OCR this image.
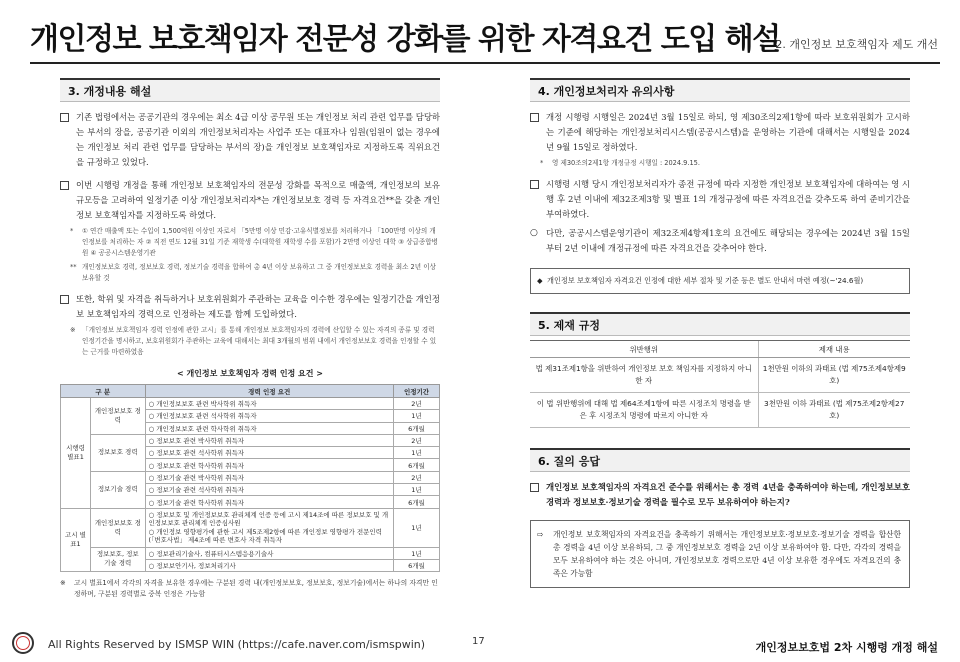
개인정보 보호책임자 전문성 강화를 위한 자격요건 도입 해설
2. 개인정보 보호책임자 제도 개선
3. 개정내용 해설
기존 법령에서는 공공기관의 경우에는 최소 4급 이상 공무원 또는 개인정보 처리 관련 업무를 담당하는 부서의 장을, 공공기관 이외의 개인정보처리자는 사업주 또는 대표자나 임원(임원이 없는 경우에는 개인정보 처리 관련 업무를 담당하는 부서의 장)을 개인정보 보호책임자로 지정하도록 직위요건을 규정하고 있었다.
이번 시행령 개정을 통해 개인정보 보호책임자의 전문성 강화를 목적으로 매출액, 개인정보의 보유 규모등을 고려하여 일정기준 이상 개인정보처리자*는 개인정보보호 경력 등 자격요건**을 갖춘 개인정보 보호책임자를 지정하도록 하였다.
* ① 연간 매출액 또는 수입이 1,500억원 이상인 자로서 「5만명 이상 민감·고유식별정보를 처리하거나 「100만명 이상의 개인정보를 처리하는 자 ② 직전 연도 12월 31일 기준 재학생 수(대학원 재학생 수를 포함)가 2만명 이상인 대학 ③ 상급종합병원 ④ 공공시스템운영기관
** 개인정보보호 경력, 정보보호 경력, 정보기술 경력을 합하여 총 4년 이상 보유하고 그 중 개인정보보호 경력을 최소 2년 이상 보유할 것
또한, 학위 및 자격을 취득하거나 보호위원회가 주관하는 교육을 이수한 경우에는 일정기간을 개인정보 보호책임자의 경력으로 인정하는 제도를 함께 도입하였다.
※ 「개인정보 보호책임자 경력 인정에 관한 고시」를 통해 개인정보 보호책임자의 경력에 산입할 수 있는 자격의 종류 및 경력 인정기간을 명시하고, 보호위원회가 주관하는 교육에 대해서는 최대 3개월의 범위 내에서 개인정보보호 경력을 인정할 수 있는 근거를 마련하였음
< 개인정보 보호책임자 경력 인정 요건 >
구 분		경력 인정 요건	인정기간
시행령 별표1	개인정보보호 경력	○ 개인정보보호 관련 박사학위 취득자	2년
		○ 개인정보보호 관련 석사학위 취득자	1년
		○ 개인정보보호 관련 학사학위 취득자	6개월
	정보보호 경력	○ 정보보호 관련 박사학위 취득자	2년
		○ 정보보호 관련 석사학위 취득자	1년
		○ 정보보호 관련 학사학위 취득자	6개월
	정보기술 경력	○ 정보기술 관련 박사학위 취득자	2년
		○ 정보기술 관련 석사학위 취득자	1년
		○ 정보기술 관련 학사학위 취득자	6개월
고시 별표1	개인정보보호 경력	○ 정보보호 및 개인정보보호 관리체계 인증 등에 고시 제14조에 따른 정보보호 및 개인정보보호 관리체계 인증심사원
○ 개인정보 영향평가에 관한 고시 제5조제2항에 따른 개인정보 영향평가 전문인력(「변호사법」 제4조에 따른 변호사 자격 취득자	1년
	정보보호, 정보기술 경력	○ 정보관리기술사, 컴퓨터시스템응용기술사	1년
		○ 정보보안기사, 정보처리기사	6개월
※ 고시 별표1에서 각각의 자격을 보유한 경우에는 구분된 경력 내(개인정보보호, 정보보호, 정보기술)에서는 하나의 자격만 인정하며, 구분된 경력별로 중복 인정은 가능함
4. 개인정보처리자 유의사항
개정 시행령 시행일은 2024년 3월 15일로 하되, 영 제30조의2제1항에 따라 보호위원회가 고시하는 기준에 해당하는 개인정보처리시스템(공공시스템)을 운영하는 기관에 대해서는 시행일을 2024년 9월 15일로 정하였다.
* 영 제30조의2제1항 개정규정 시행일 : 2024.9.15.
시행령 시행 당시 개인정보처리자가 종전 규정에 따라 지정한 개인정보 보호책임자에 대하여는 영 시행 후 2년 이내에 제32조제3항 및 별표 1의 개정규정에 따른 자격요건을 갖추도록 하여 준비기간을 부여하였다.
○ 다만, 공공시스템운영기관이 제32조제4항제1호의 요건에도 해당되는 경우에는 2024년 3월 15일부터 2년 이내에 개정규정에 따른 자격요건을 갖추어야 한다.
◆ 개인정보 보호책임자 자격요건 인정에 대한 세부 절차 및 기준 등은 별도 안내서 마련 예정(~'24.6월)
5. 제재 규정
위반행위	제재 내용
법 제31조제1항을 위반하여 개인정보 보호 책임자를 지정하지 아니한 자	1천만원 이하의 과태료 (법 제75조제4항제9호)
이 법 위반행위에 대해 법 제64조제1항에 따른 시정조치 명령을 받은 후 시정조치 명령에 따르지 아니한 자	3천만원 이하 과태료 (법 제75조제2항제27호)
6. 질의 응답
개인정보 보호책임자의 자격요건 준수를 위해서는 총 경력 4년을 충족하여야 하는데, 개인정보보호 경력과 정보보호·정보기술 경력을 필수로 모두 보유하여야 하는지?
⇨ 개인정보 보호책임자의 자격요건을 충족하기 위해서는 개인정보보호·정보보호·정보기술 경력을 합산한 총 경력을 4년 이상 보유하되, 그 중 개인정보보호 경력을 2년 이상 보유하여야 함. 다만, 각각의 경력을 모두 보유하여야 하는 것은 아니며, 개인정보보호 경력으로만 4년 이상 보유한 경우에도 자격요건의 충족은 가능함
All Rights Reserved by ISMSP WIN (https://cafe.naver.com/ismspwin)	17	개인정보보호법 2차 시행령 개정 해설
